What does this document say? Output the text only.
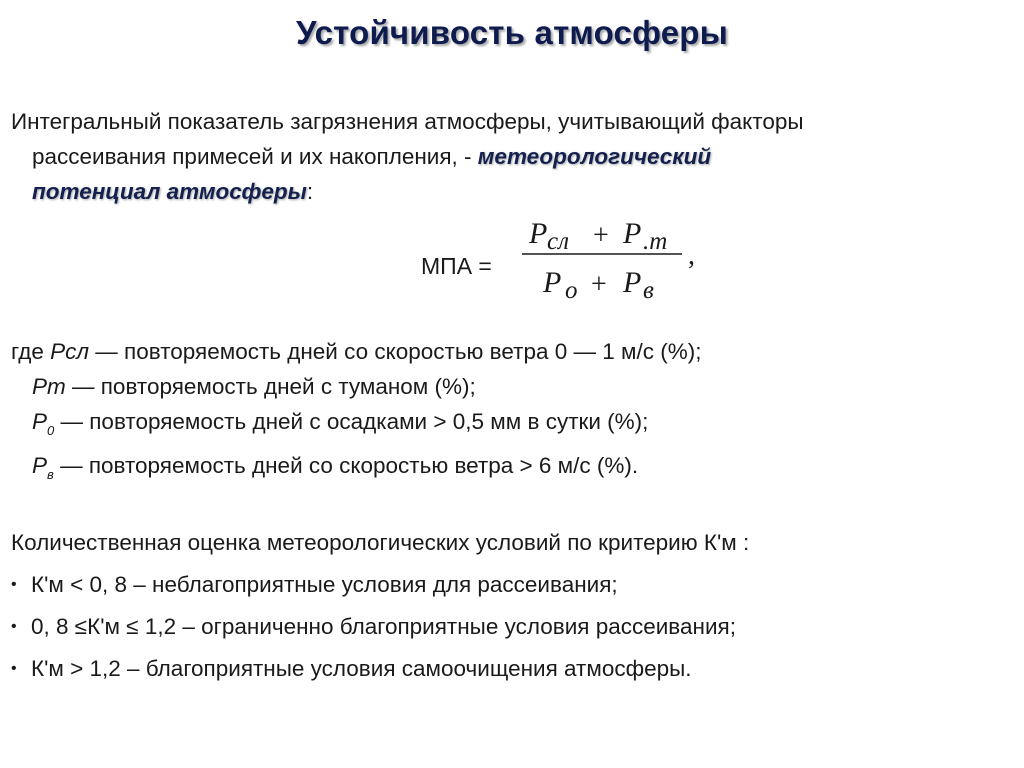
Устойчивость атмосферы
Интегральный показатель загрязнения атмосферы, учитывающий факторы
рассеивания примесей и их накопления, - метеорологический
потенциал атмосферы:
МПА =
P сл + P .т
P о + P в
,
где Pсл — повторяемость дней со скоростью ветра 0 — 1 м/с (%);
Pт — повторяемость дней с туманом (%);
$P_0$ — повторяемость дней с осадками > 0,5 мм в сутки (%);
$P_в$ — повторяемость дней со скоростью ветра > 6 м/с (%).
Количественная оценка метеорологических условий по критерию К'м :
• К'м < 0, 8 – неблагоприятные условия для рассеивания;
• 0, 8 ≤К'м ≤ 1,2 – ограниченно благоприятные условия рассеивания;
• К'м > 1,2 – благоприятные условия самоочищения атмосферы.
